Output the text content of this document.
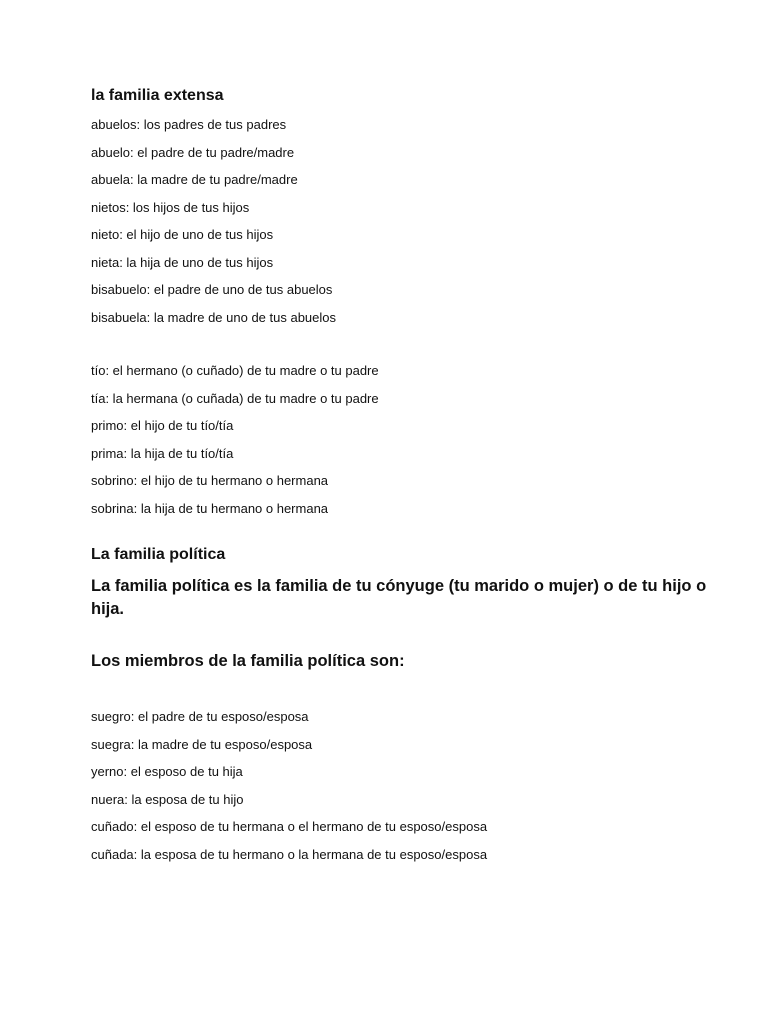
la familia extensa
abuelos: los padres de tus padres
abuelo: el padre de tu padre/madre
abuela: la madre de tu padre/madre
nietos: los hijos de tus hijos
nieto: el hijo de uno de tus hijos
nieta: la hija de uno de tus hijos
bisabuelo: el padre de uno de tus abuelos
bisabuela: la madre de uno de tus abuelos
tío: el hermano (o cuñado) de tu madre o tu padre
tía: la hermana (o cuñada) de tu madre o tu padre
primo: el hijo de tu tío/tía
prima: la hija de tu tío/tía
sobrino: el hijo de tu hermano o hermana
sobrina: la hija de tu hermano o hermana
La familia política
La familia política es la familia de tu cónyuge (tu marido o mujer) o de tu hijo o hija.
Los miembros de la familia política son:
suegro: el padre de tu esposo/esposa
suegra: la madre de tu esposo/esposa
yerno: el esposo de tu hija
nuera: la esposa de tu hijo
cuñado: el esposo de tu hermana o el hermano de tu esposo/esposa
cuñada: la esposa de tu hermano o la hermana de tu esposo/esposa
